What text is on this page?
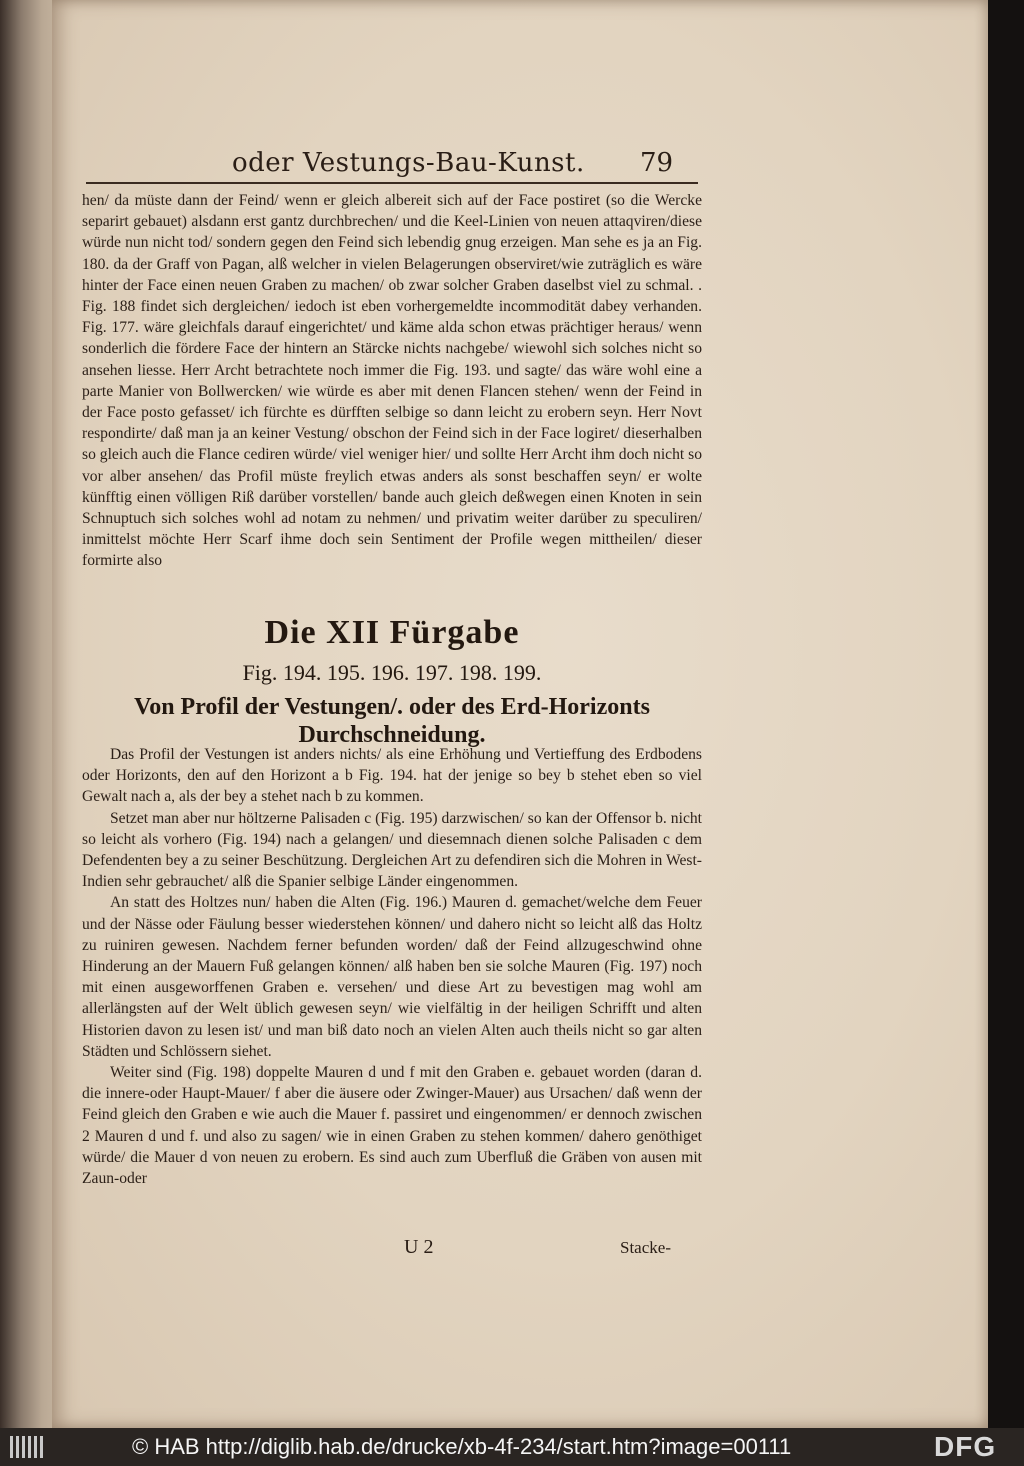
oder Vestungs-Bau-Kunst.	79

hen/ da müste dann der Feind/ wenn er gleich albereit sich auf der Face postiret (so die Wercke separirt gebauet) alsdann erst gantz durchbrechen/ und die Keel-Linien von neuen attaqviren/diese würde nun nicht tod/ sondern gegen den Feind sich lebendig gnug erzeigen. Man sehe es ja an Fig. 180. da der Graff von Pagan, alß welcher in vielen Belagerungen observiret/wie zuträglich es wäre hinter der Face einen neuen Graben zu machen/ ob zwar solcher Graben daselbst viel zu schmal. . Fig. 188 findet sich dergleichen/ iedoch ist eben vorhergemeldte incommodität dabey verhanden. Fig. 177. wäre gleichfals darauf eingerichtet/ und käme alda schon etwas prächtiger heraus/ wenn sonderlich die fördere Face der hintern an Stärcke nichts nachgebe/ wiewohl sich solches nicht so ansehen liesse. Herr Archt betrachtete noch immer die Fig. 193. und sagte/ das wäre wohl eine a parte Manier von Bollwercken/ wie würde es aber mit denen Flancen stehen/ wenn der Feind in der Face posto gefasset/ ich fürchte es dürfften selbige so dann leicht zu erobern seyn. Herr Novt respondirte/ daß man ja an keiner Vestung/ obschon der Feind sich in der Face logiret/ dieserhalben so gleich auch die Flance cediren würde/ viel weniger hier/ und sollte Herr Archt ihm doch nicht so vor alber ansehen/ das Profil müste freylich etwas anders als sonst beschaffen seyn/ er wolte künfftig einen völligen Riß darüber vorstellen/ bande auch gleich deßwegen einen Knoten in sein Schnuptuch sich solches wohl ad notam zu nehmen/ und privatim weiter darüber zu speculiren/ inmittelst möchte Herr Scarf ihme doch sein Sentiment der Profile wegen mittheilen/ dieser formirte also

Die XII Fürgabe
Fig. 194. 195. 196. 197. 198. 199.
Von Profil der Vestungen/. oder des Erd-Horizonts
Durchschneidung.

Das Profil der Vestungen ist anders nichts/ als eine Erhöhung und Vertieffung des Erdbodens oder Horizonts, den auf den Horizont a b Fig. 194. hat der jenige so bey b stehet eben so viel Gewalt nach a, als der bey a stehet nach b zu kommen.

Setzet man aber nur höltzerne Palisaden c (Fig. 195) darzwischen/ so kan der Offensor b. nicht so leicht als vorhero (Fig. 194) nach a gelangen/ und diesemnach dienen solche Palisaden c dem Defendenten bey a zu seiner Beschützung. Dergleichen Art zu defendiren sich die Mohren in West-Indien sehr gebrauchet/ alß die Spanier selbige Länder eingenommen.

An statt des Holtzes nun/ haben die Alten (Fig. 196.) Mauren d. gemachet/welche dem Feuer und der Nässe oder Fäulung besser wiederstehen können/ und dahero nicht so leicht alß das Holtz zu ruiniren gewesen. Nachdem ferner befunden worden/ daß der Feind allzugeschwind ohne Hinderung an der Mauern Fuß gelangen können/ alß haben ben sie solche Mauren (Fig. 197) noch mit einen ausgeworffenen Graben e. versehen/ und diese Art zu bevestigen mag wohl am allerlängsten auf der Welt üblich gewesen seyn/ wie vielfältig in der heiligen Schrifft und alten Historien davon zu lesen ist/ und man biß dato noch an vielen Alten auch theils nicht so gar alten Städten und Schlössern siehet.

Weiter sind (Fig. 198) doppelte Mauren d und f mit den Graben e. gebauet worden (daran d. die innere-oder Haupt-Mauer/ f aber die äusere oder Zwinger-Mauer) aus Ursachen/ daß wenn der Feind gleich den Graben e wie auch die Mauer f. passiret und eingenommen/ er dennoch zwischen 2 Mauren d und f. und also zu sagen/ wie in einen Graben zu stehen kommen/ dahero genöthiget würde/ die Mauer d von neuen zu erobern. Es sind auch zum Uberfluß die Gräben von ausen mit Zaun-oder

U 2	Stacke-
© HAB http://diglib.hab.de/drucke/xb-4f-234/start.htm?image=00111	DFG
